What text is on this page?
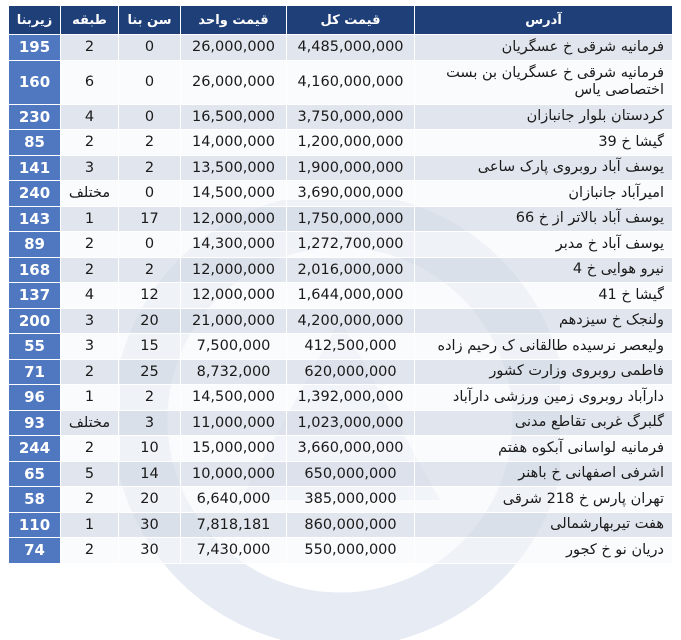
زیربنا	طبقه	سن بنا	قیمت واحد	قیمت کل	آدرس
195	2	0	26,000,000	4,485,000,000	فرمانیه شرقی خ عسگریان
160	6	0	26,000,000	4,160,000,000	فرمانیه شرقی خ عسگریان بن بست اختصاصی یاس
230	4	0	16,500,000	3,750,000,000	کردستان بلوار جانبازان
85	2	2	14,000,000	1,200,000,000	گیشا خ 39
141	3	2	13,500,000	1,900,000,000	یوسف آباد روبروی پارک ساعی
240	مختلف	0	14,500,000	3,690,000,000	امیرآباد جانبازان
143	1	17	12,000,000	1,750,000,000	یوسف آباد بالاتر از خ 66
89	2	0	14,300,000	1,272,700,000	یوسف آباد خ مدبر
168	2	2	12,000,000	2,016,000,000	نیرو هوایی خ 4
137	4	12	12,000,000	1,644,000,000	گیشا خ 41
200	3	20	21,000,000	4,200,000,000	ولنجک خ سیزدهم
55	3	15	7,500,000	412,500,000	ولیعصر نرسیده طالقانی ک رحیم زاده
71	2	25	8,732,000	620,000,000	فاطمی روبروی وزارت کشور
96	1	2	14,500,000	1,392,000,000	دارآباد روبروی زمین ورزشی دارآباد
93	مختلف	3	11,000,000	1,023,000,000	گلبرگ غربی تقاطع مدنی
244	2	10	15,000,000	3,660,000,000	فرمانیه لواسانی آبکوه هفتم
65	5	14	10,000,000	650,000,000	اشرفی اصفهانی خ باهنر
58	2	20	6,640,000	385,000,000	تهران پارس خ 218 شرقی
110	1	30	7,818,181	860,000,000	هفت تیربهارشمالی
74	2	30	7,430,000	550,000,000	دریان نو خ کجور
